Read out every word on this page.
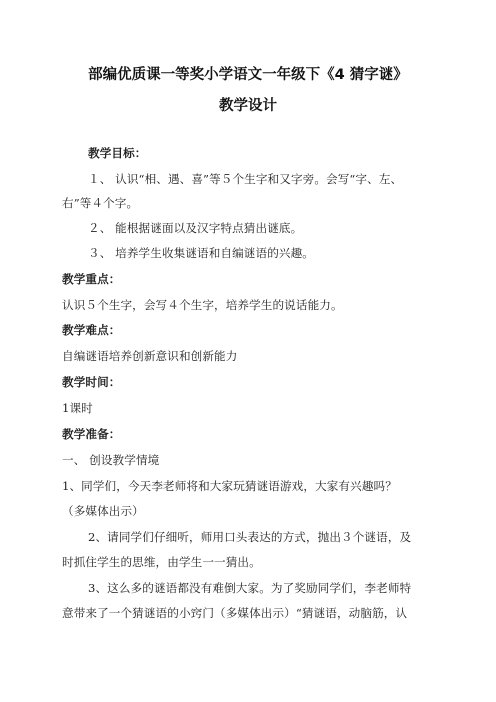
部编优质课一等奖小学语文一年级下《4 猜字谜》
教学设计
教学目标：
１、 认识“相、遇、喜”等５个生字和又字旁。会写“字、左、
右”等４个字。
２、 能根据谜面以及汉字特点猜出谜底。
３、 培养学生收集谜语和自编谜语的兴趣。
教学重点：
认识５个生字，会写４个生字，培养学生的说话能力。
教学难点：
自编谜语培养创新意识和创新能力
教学时间：
1课时
教学准备：
一、 创设教学情境
1、同学们，今天李老师将和大家玩猜谜语游戏，大家有兴趣吗？
（多媒体出示）
2、请同学们仔细听，师用口头表达的方式，抛出３个谜语，及
时抓住学生的思维，由学生一一猜出。
3、这么多的谜语都没有难倒大家。为了奖励同学们，李老师特
意带来了一个猜谜语的小窍门（多媒体出示）“猜谜语，动脑筋，认
